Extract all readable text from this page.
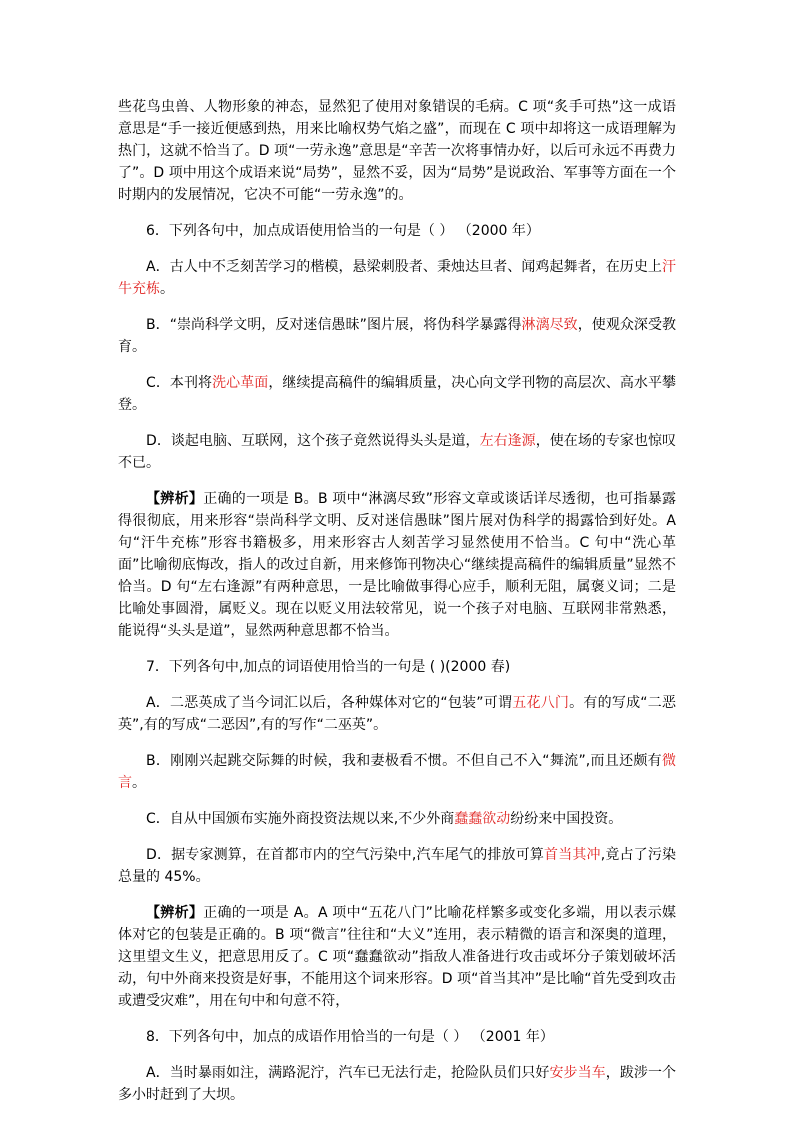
些花鸟虫兽、人物形象的神态，显然犯了使用对象错误的毛病。C 项“炙手可热”这一成语意思是“手一接近便感到热，用来比喻权势气焰之盛”，而现在 C 项中却将这一成语理解为热门，这就不恰当了。D 项“一劳永逸”意思是“辛苦一次将事情办好，以后可永远不再费力了”。D 项中用这个成语来说“局势”，显然不妥，因为“局势”是说政治、军事等方面在一个时期内的发展情况，它决不可能“一劳永逸”的。

6．下列各句中，加点成语使用恰当的一句是（ ） （2000 年）

A．古人中不乏刻苦学习的楷模，悬梁刺股者、秉烛达旦者、闻鸡起舞者，在历史上汗牛充栋。

B．“崇尚科学文明，反对迷信愚昧”图片展，将伪科学暴露得淋漓尽致，使观众深受教育。

C．本刊将洗心革面，继续提高稿件的编辑质量，决心向文学刊物的高层次、高水平攀登。

D．谈起电脑、互联网，这个孩子竟然说得头头是道，左右逢源，使在场的专家也惊叹不已。

【辨析】正确的一项是 B。B 项中“淋漓尽致”形容文章或谈话详尽透彻，也可指暴露得很彻底，用来形容“崇尚科学文明、反对迷信愚昧”图片展对伪科学的揭露恰到好处。A 句“汗牛充栋”形容书籍极多，用来形容古人刻苦学习显然使用不恰当。C 句中“洗心革面”比喻彻底悔改，指人的改过自新，用来修饰刊物决心“继续提高稿件的编辑质量”显然不恰当。D 句“左右逢源”有两种意思，一是比喻做事得心应手，顺利无阻，属褒义词；二是比喻处事圆滑，属贬义。现在以贬义用法较常见，说一个孩子对电脑、互联网非常熟悉，能说得“头头是道”，显然两种意思都不恰当。

7．下列各句中,加点的词语使用恰当的一句是 ( )(2000 春)

A．二恶英成了当今词汇以后，各种媒体对它的“包装”可谓五花八门。有的写成“二恶英”,有的写成“二恶因”,有的写作“二巫英”。

B．刚刚兴起跳交际舞的时候，我和妻极看不惯。不但自己不入“舞流”,而且还颇有微言。

C．自从中国颁布实施外商投资法规以来,不少外商蠢蠢欲动纷纷来中国投资。

D．据专家测算，在首都市内的空气污染中,汽车尾气的排放可算首当其冲,竟占了污染总量的 45%。

【辨析】正确的一项是 A。A 项中“五花八门”比喻花样繁多或变化多端，用以表示媒体对它的包装是正确的。B 项“微言”往往和“大义”连用，表示精微的语言和深奥的道理，这里望文生义，把意思用反了。C 项“蠢蠢欲动”指敌人准备进行攻击或坏分子策划破坏活动，句中外商来投资是好事，不能用这个词来形容。D 项“首当其冲”是比喻“首先受到攻击或遭受灾难”，用在句中和句意不符，

8．下列各句中，加点的成语作用恰当的一句是（ ） （2001 年）

A．当时暴雨如注，满路泥泞，汽车已无法行走，抢险队员们只好安步当车，跋涉一个多小时赶到了大坝。
